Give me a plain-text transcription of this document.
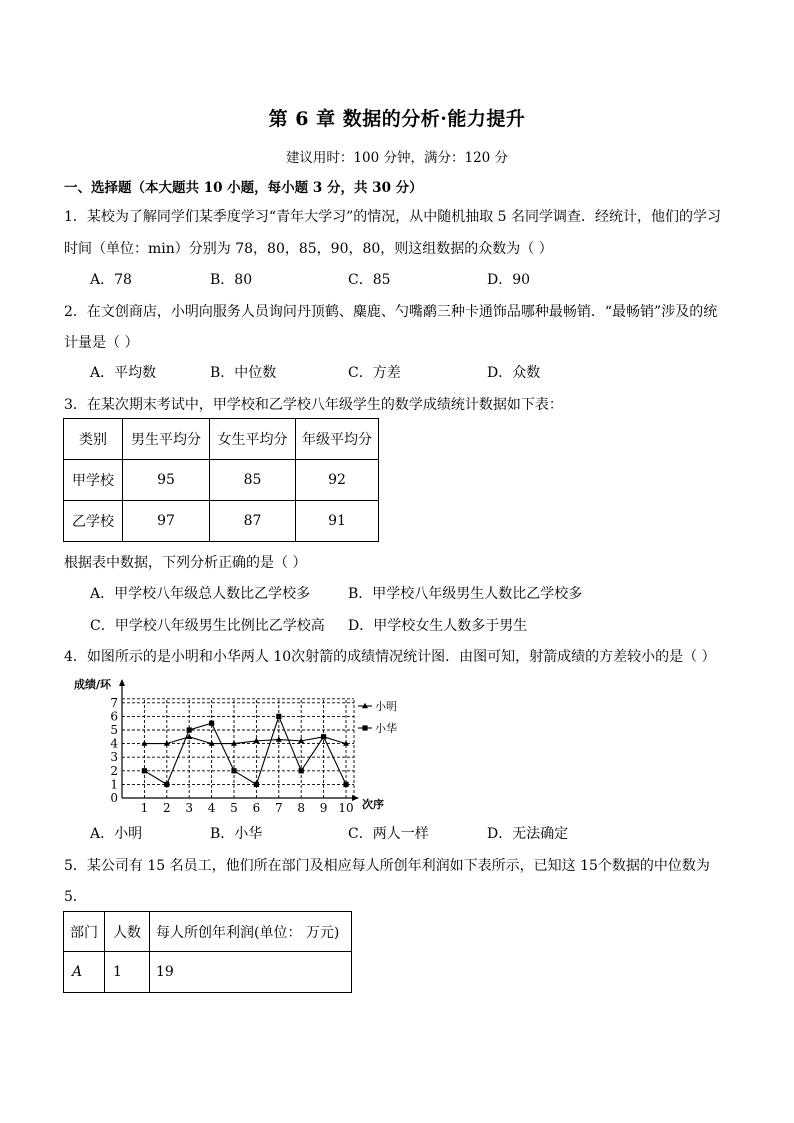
第 6 章 数据的分析·能力提升
建议用时：100 分钟，满分：120 分
一、选择题（本大题共 10 小题，每小题 3 分，共 30 分）
1．某校为了解同学们某季度学习“青年大学习”的情况，从中随机抽取 5 名同学调查．经统计，他们的学习
时间（单位：min）分别为 78，80，85，90，80，则这组数据的众数为（ ）
A．78	B．80	C．85	D．90
2．在文创商店，小明向服务人员询问丹顶鹤、麋鹿、勺嘴鹬三种卡通饰品哪种最畅销．“最畅销”涉及的统
计量是（ ）
A．平均数	B．中位数	C．方差	D．众数
3．在某次期末考试中，甲学校和乙学校八年级学生的数学成绩统计数据如下表：
类别	男生平均分	女生平均分	年级平均分
甲学校	95	85	92
乙学校	97	87	91
根据表中数据，下列分析正确的是（ ）
A．甲学校八年级总人数比乙学校多	B．甲学校八年级男生人数比乙学校多
C．甲学校八年级男生比例比乙学校高 D．甲学校女生人数多于男生
4．如图所示的是小明和小华两人 10次射箭的成绩情况统计图．由图可知，射箭成绩的方差较小的是（ ）
0
1
2
3
4
5
6
7
1 2 3 4 5 6 7 8 9 10
小明
小华
成绩/环
次序
A．小明	B．小华	C．两人一样	D．无法确定
5．某公司有 15 名员工，他们所在部门及相应每人所创年利润如下表所示，已知这 15个数据的中位数为
5．
部门	人数	每人所创年利润(单位： 万元)
A	1	19
